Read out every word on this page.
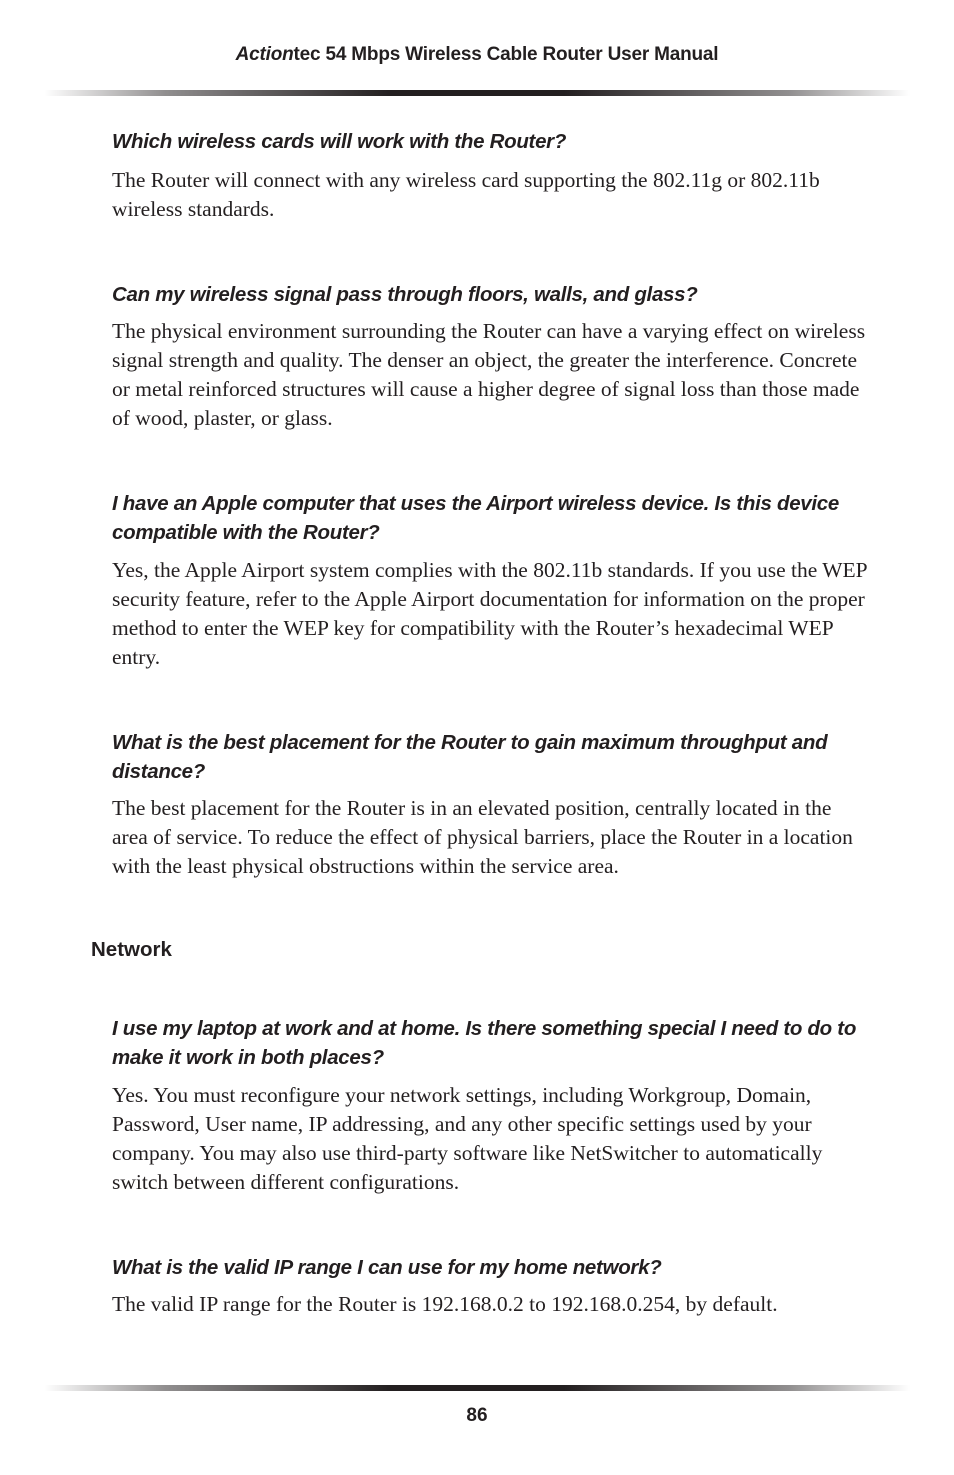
Actiontec 54 Mbps Wireless Cable Router User Manual

Which wireless cards will work with the Router?

The Router will connect with any wireless card supporting the 802.11g or 802.11b wireless standards.

Can my wireless signal pass through floors, walls, and glass?

The physical environment surrounding the Router can have a varying effect on wireless signal strength and quality. The denser an object, the greater the interference. Concrete or metal reinforced structures will cause a higher degree of signal loss than those made of wood, plaster, or glass.

I have an Apple computer that uses the Airport wireless device. Is this device compatible with the Router?

Yes, the Apple Airport system complies with the 802.11b standards. If you use the WEP security feature, refer to the Apple Airport documentation for information on the proper method to enter the WEP key for compatibility with the Router’s hexadecimal WEP entry.

What is the best placement for the Router to gain maximum throughput and distance?

The best placement for the Router is in an elevated position, centrally located in the area of service. To reduce the effect of physical barriers, place the Router in a location with the least physical obstructions within the service area.

Network

I use my laptop at work and at home. Is there something special I need to do to make it work in both places?

Yes. You must reconfigure your network settings, including Workgroup, Domain, Password, User name, IP addressing, and any other specific settings used by your company. You may also use third-party software like NetSwitcher to automatically switch between different configurations.

What is the valid IP range I can use for my home network?

The valid IP range for the Router is 192.168.0.2 to 192.168.0.254, by default.

86
